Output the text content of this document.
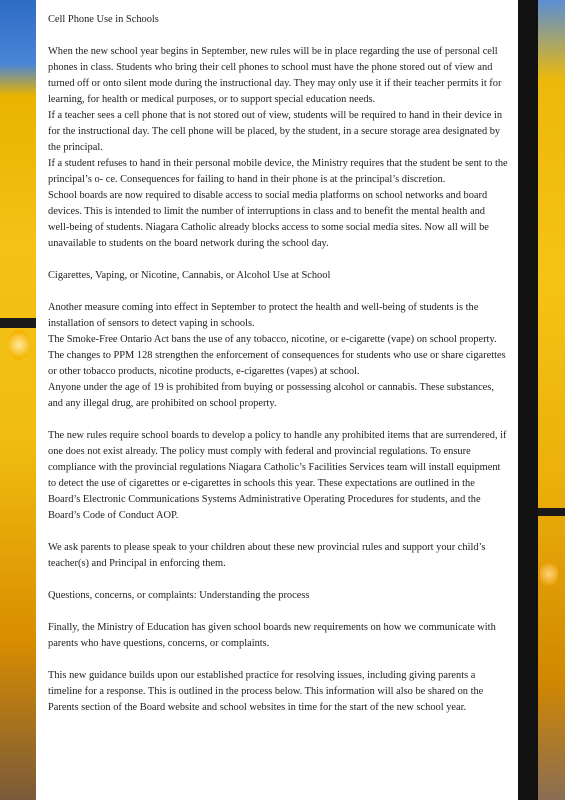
Cell Phone Use in Schools

When the new school year begins in September, new rules will be in place regarding the use of personal cell phones in class. Students who bring their cell phones to school must have the phone stored out of view and turned off or onto silent mode during the instructional day. They may only use it if their teacher permits it for learning, for health or medical purposes, or to support special education needs.

If a teacher sees a cell phone that is not stored out of view, students will be required to hand in their device in for the instructional day. The cell phone will be placed, by the student, in a secure storage area designated by the principal.

If a student refuses to hand in their personal mobile device, the Ministry requires that the student be sent to the principal’s o- ce. Consequences for failing to hand in their phone is at the principal’s discretion.

School boards are now required to disable access to social media platforms on school networks and board devices. This is intended to limit the number of interruptions in class and to benefit the mental health and well-being of students. Niagara Catholic already blocks access to some social media sites. Now all will be unavailable to students on the board network during the school day.

Cigarettes, Vaping, or Nicotine, Cannabis, or Alcohol Use at School

Another measure coming into effect in September to protect the health and well-being of students is the installation of sensors to detect vaping in schools.

The Smoke-Free Ontario Act bans the use of any tobacco, nicotine, or e-cigarette (vape) on school property. The changes to PPM 128 strengthen the enforcement of consequences for students who use or share cigarettes or other tobacco products, nicotine products, e-cigarettes (vapes) at school.

Anyone under the age of 19 is prohibited from buying or possessing alcohol or cannabis. These substances, and any illegal drug, are prohibited on school property.

The new rules require school boards to develop a policy to handle any prohibited items that are surrendered, if one does not exist already. The policy must comply with federal and provincial regulations. To ensure compliance with the provincial regulations Niagara Catholic’s Facilities Services team will install equipment to detect the use of cigarettes or e-cigarettes in schools this year. These expectations are outlined in the Board’s Electronic Communications Systems Administrative Operating Procedures for students, and the Board’s Code of Conduct AOP.

We ask parents to please speak to your children about these new provincial rules and support your child’s teacher(s) and Principal in enforcing them.

Questions, concerns, or complaints: Understanding the process

Finally, the Ministry of Education has given school boards new requirements on how we communicate with parents who have questions, concerns, or complaints.

This new guidance builds upon our established practice for resolving issues, including giving parents a timeline for a response. This is outlined in the process below. This information will also be shared on the Parents section of the Board website and school websites in time for the start of the new school year.
